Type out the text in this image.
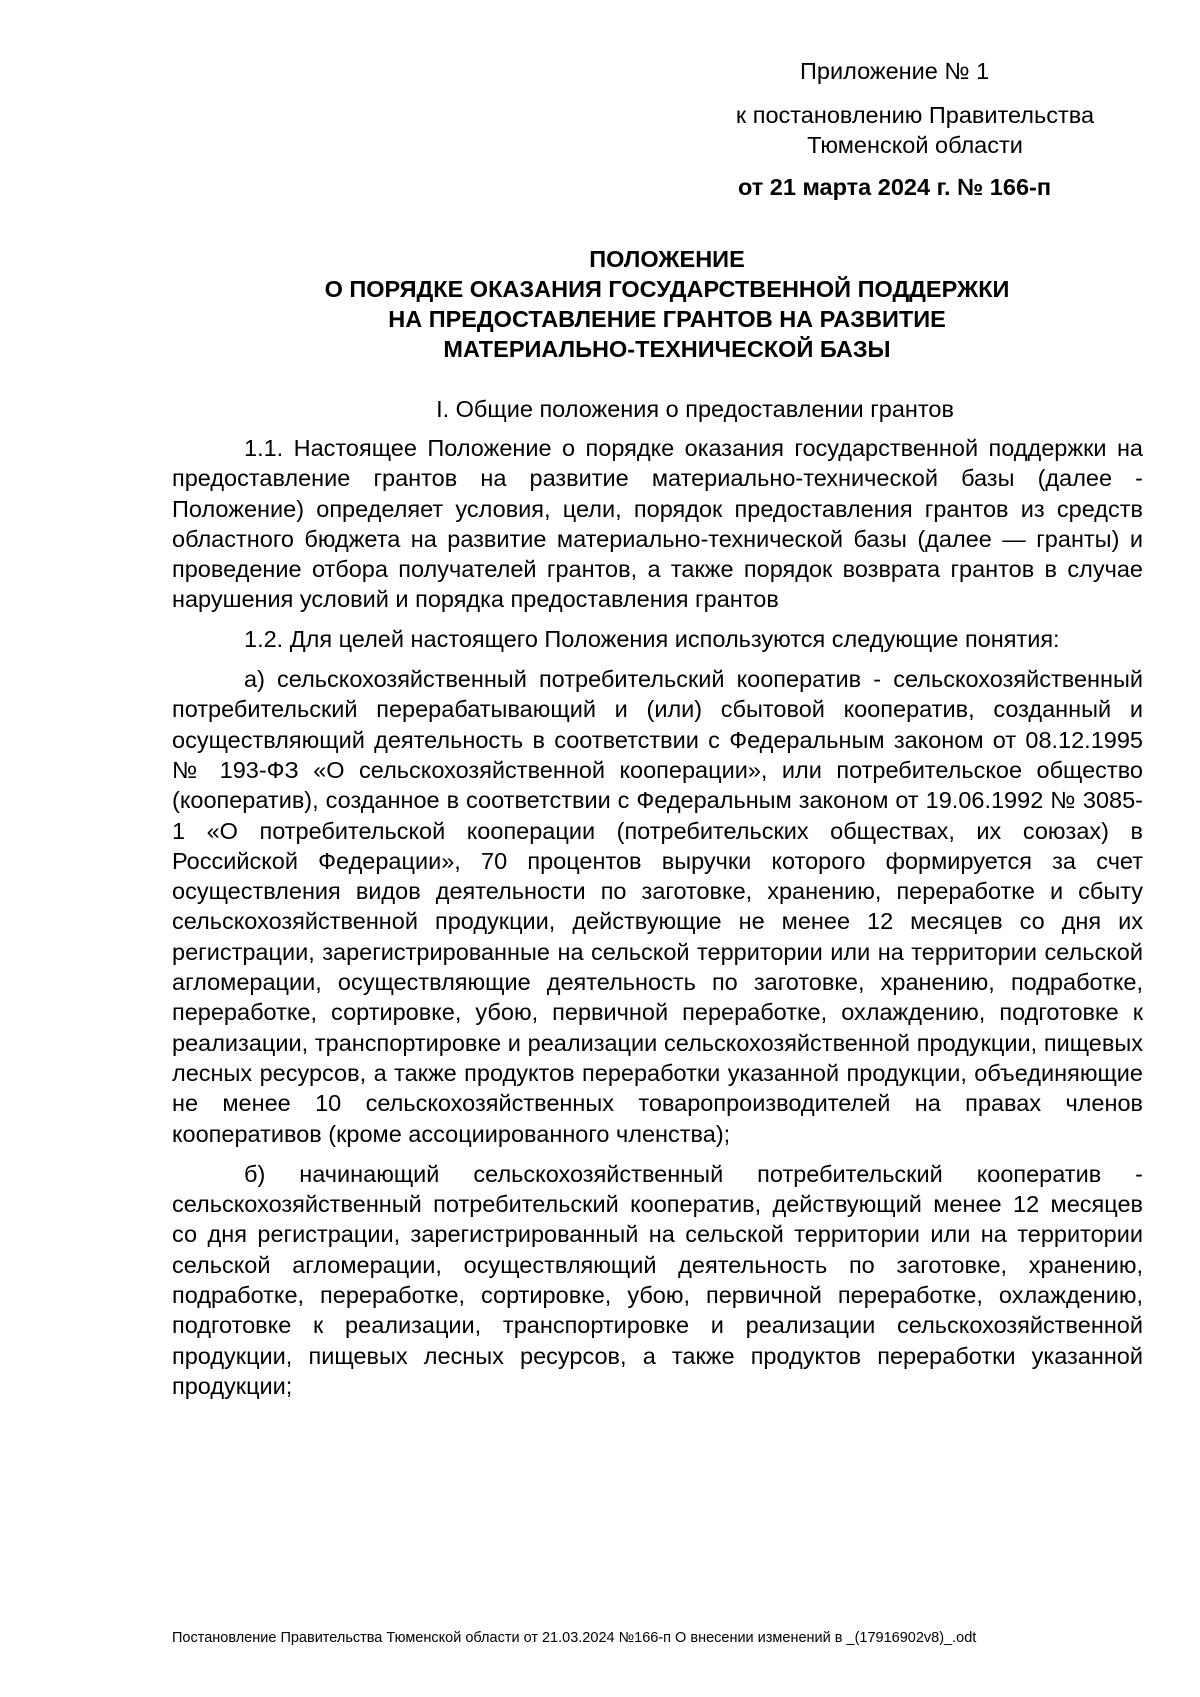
Приложение № 1
к постановлению Правительства
Тюменской области
от 21 марта 2024 г. № 166-п
ПОЛОЖЕНИЕ
О ПОРЯДКЕ ОКАЗАНИЯ ГОСУДАРСТВЕННОЙ ПОДДЕРЖКИ
НА ПРЕДОСТАВЛЕНИЕ ГРАНТОВ НА РАЗВИТИЕ
МАТЕРИАЛЬНО-ТЕХНИЧЕСКОЙ БАЗЫ
I. Общие положения о предоставлении грантов

1.1. Настоящее Положение о порядке оказания государственной поддержки на предоставление грантов на развитие материально-технической базы (далее - Положение) определяет условия, цели, порядок предоставления грантов из средств областного бюджета на развитие материально-технической базы (далее — гранты) и проведение отбора получателей грантов, а также порядок возврата грантов в случае нарушения условий и порядка предоставления грантов

1.2. Для целей настоящего Положения используются следующие понятия:

а) сельскохозяйственный потребительский кооператив - сельскохозяйственный потребительский перерабатывающий и (или) сбытовой кооператив, созданный и осуществляющий деятельность в соответствии с Федеральным законом от 08.12.1995 № 193-ФЗ «О сельскохозяйственной кооперации», или потребительское общество (кооператив), созданное в соответствии с Федеральным законом от 19.06.1992 № 3085-1 «О потребительской кооперации (потребительских обществах, их союзах) в Российской Федерации», 70 процентов выручки которого формируется за счет осуществления видов деятельности по заготовке, хранению, переработке и сбыту сельскохозяйственной продукции, действующие не менее 12 месяцев со дня их регистрации, зарегистрированные на сельской территории или на территории сельской агломерации, осуществляющие деятельность по заготовке, хранению, подработке, переработке, сортировке, убою, первичной переработке, охлаждению, подготовке к реализации, транспортировке и реализации сельскохозяйственной продукции, пищевых лесных ресурсов, а также продуктов переработки указанной продукции, объединяющие не менее 10 сельскохозяйственных товаропроизводителей на правах членов кооперативов (кроме ассоциированного членства);

б) начинающий сельскохозяйственный потребительский кооператив - сельскохозяйственный потребительский кооператив, действующий менее 12 месяцев со дня регистрации, зарегистрированный на сельской территории или на территории сельской агломерации, осуществляющий деятельность по заготовке, хранению, подработке, переработке, сортировке, убою, первичной переработке, охлаждению, подготовке к реализации, транспортировке и реализации сельскохозяйственной продукции, пищевых лесных ресурсов, а также продуктов переработки указанной продукции;

Постановление Правительства Тюменской области от 21.03.2024 №166-п О внесении изменений в _(17916902v8)_.odt
